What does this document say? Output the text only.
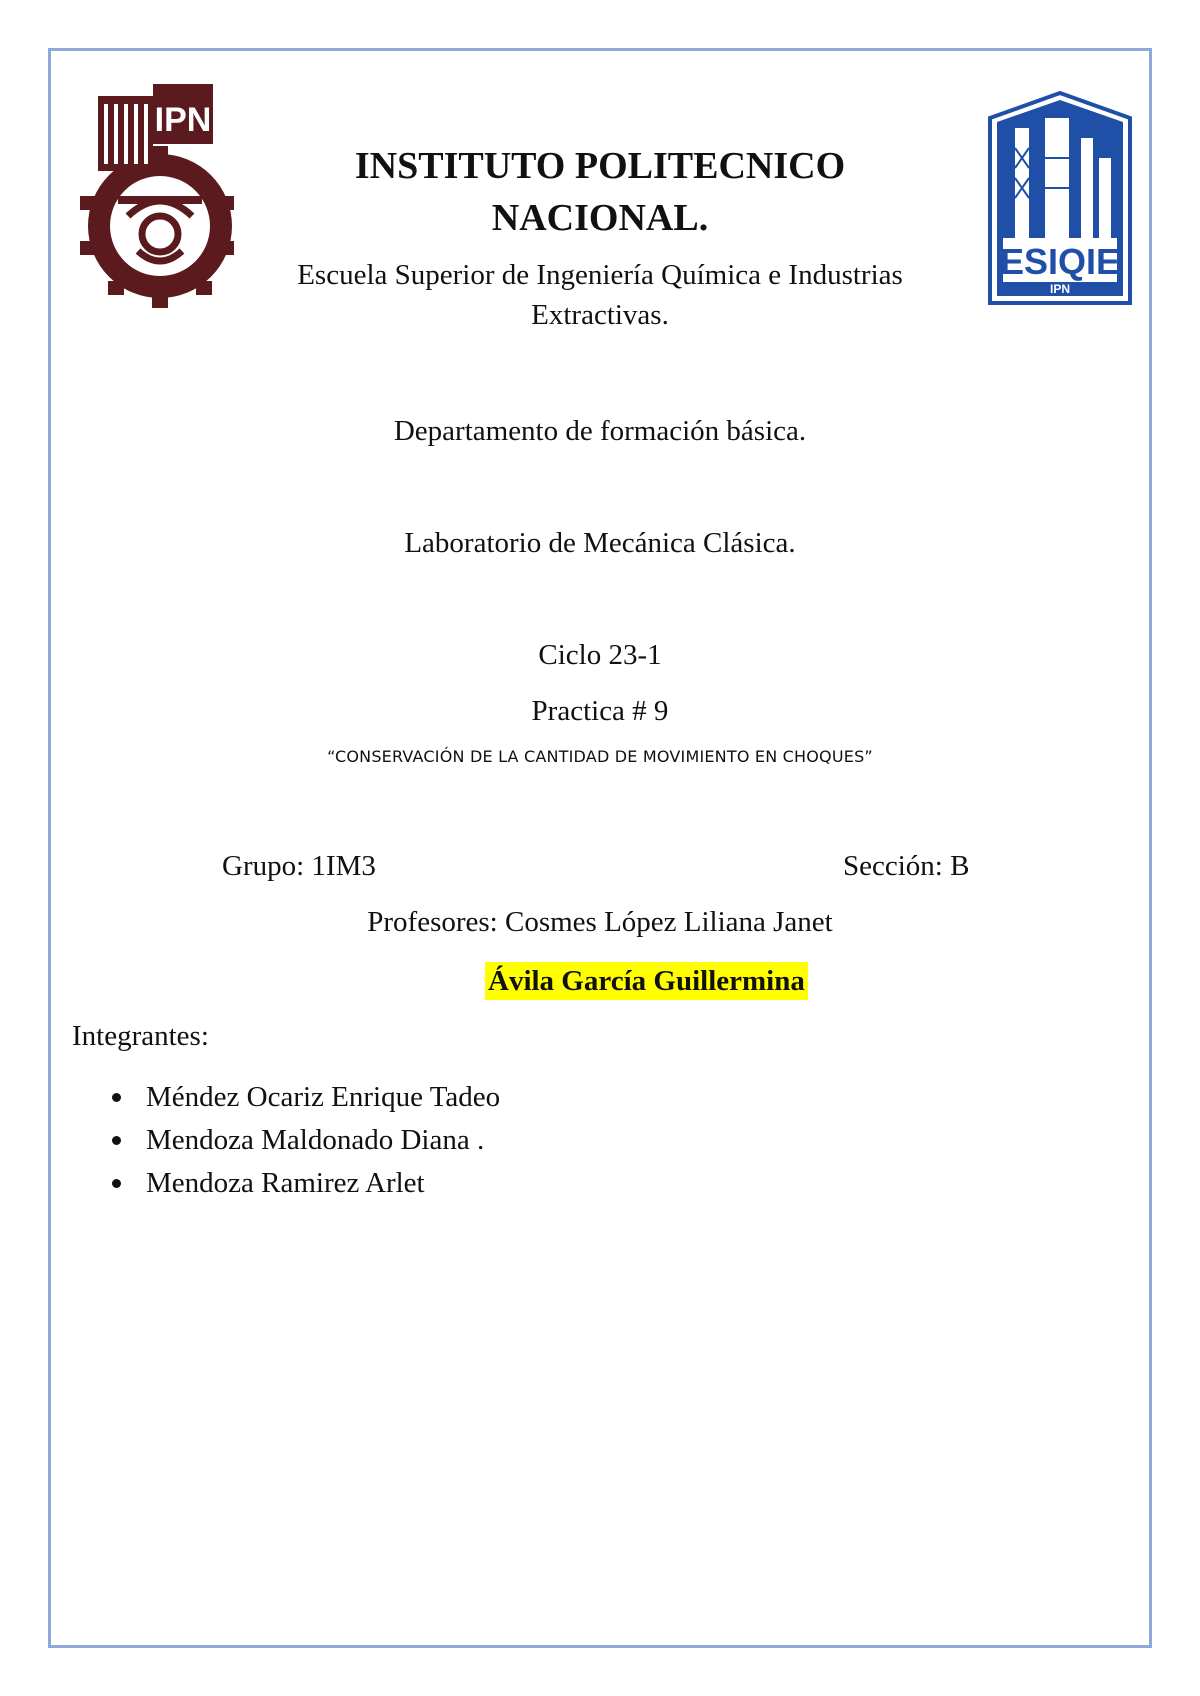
IPN
ESIQIE
IPN
INSTITUTO POLITECNICO NACIONAL.
Escuela Superior de Ingeniería Química e Industrias Extractivas.
Departamento de formación básica.
Laboratorio de Mecánica Clásica.
Ciclo 23-1
Practica # 9
“CONSERVACIÓN DE LA CANTIDAD DE MOVIMIENTO EN CHOQUES”
Grupo: 1IM3	Sección: B
Profesores: Cosmes López Liliana Janet
Ávila García Guillermina
Integrantes:
Méndez Ocariz Enrique Tadeo
Mendoza Maldonado Diana .
Mendoza Ramirez Arlet
